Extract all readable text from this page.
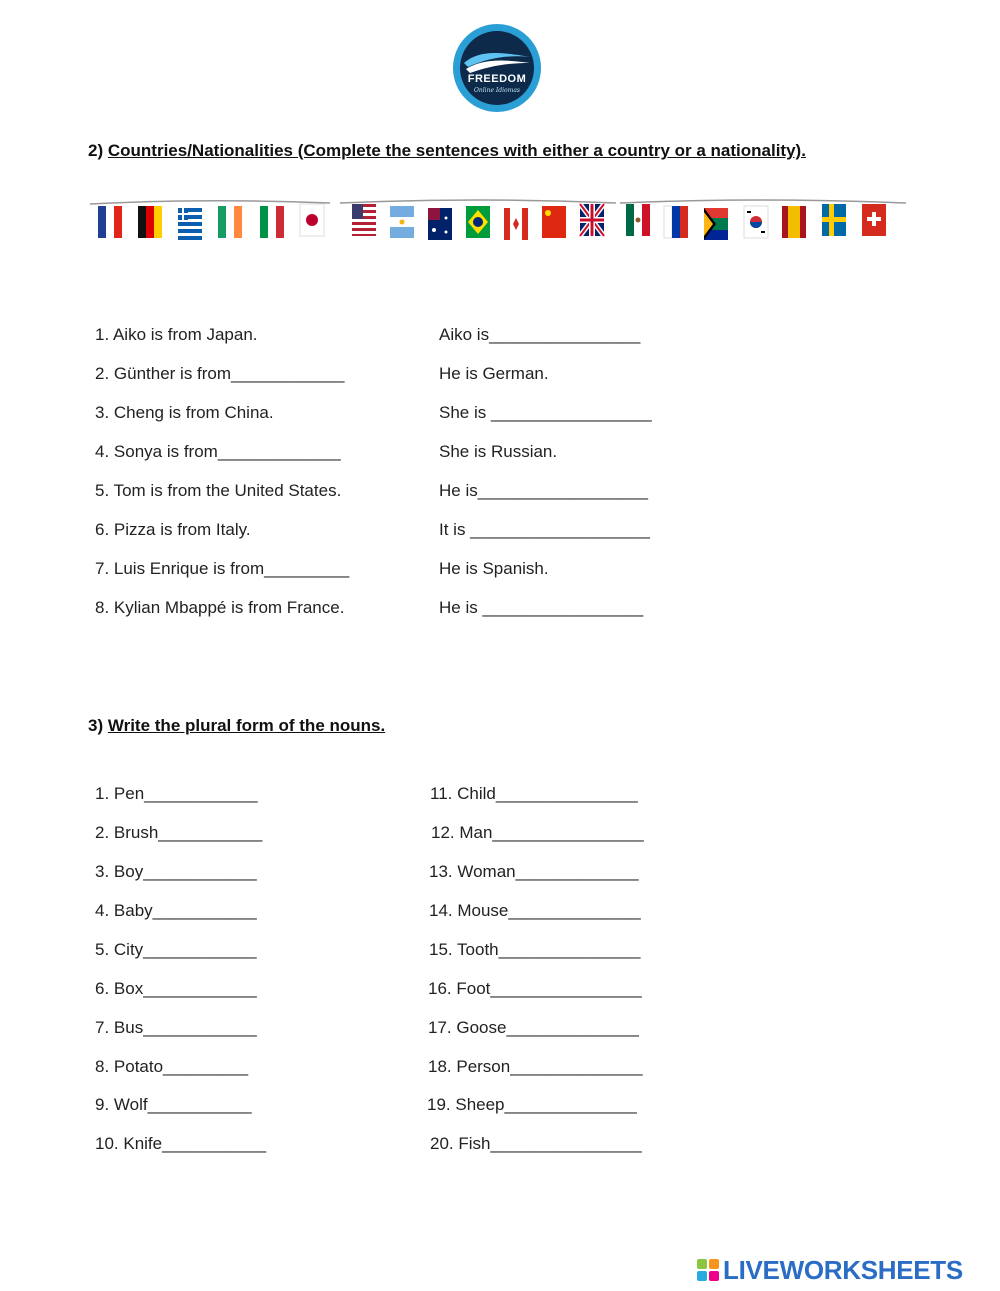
FREEDOM
Online Idiomas
2) Countries/Nationalities (Complete the sentences with either a country or a nationality).
1. Aiko is from Japan.	Aiko is________________
2. Günther is from____________	He is German.
3. Cheng is from China.	She is _________________
4. Sonya is from_____________	She is Russian.
5. Tom is from the United States.	He is__________________
6. Pizza is from Italy.	It is ___________________
7. Luis Enrique is from_________	He is Spanish.
8. Kylian Mbappé is from France.	He is _________________
3) Write the plural form of the nouns.
1. Pen____________	11. Child_______________
2. Brush___________	12. Man________________
3. Boy____________	13. Woman_____________
4. Baby___________	14. Mouse______________
5. City____________	15. Tooth_______________
6. Box____________	16. Foot________________
7. Bus____________	17. Goose______________
8. Potato_________	18. Person______________
9. Wolf___________	19. Sheep______________
10. Knife___________	20. Fish________________
LIVEWORKSHEETS
